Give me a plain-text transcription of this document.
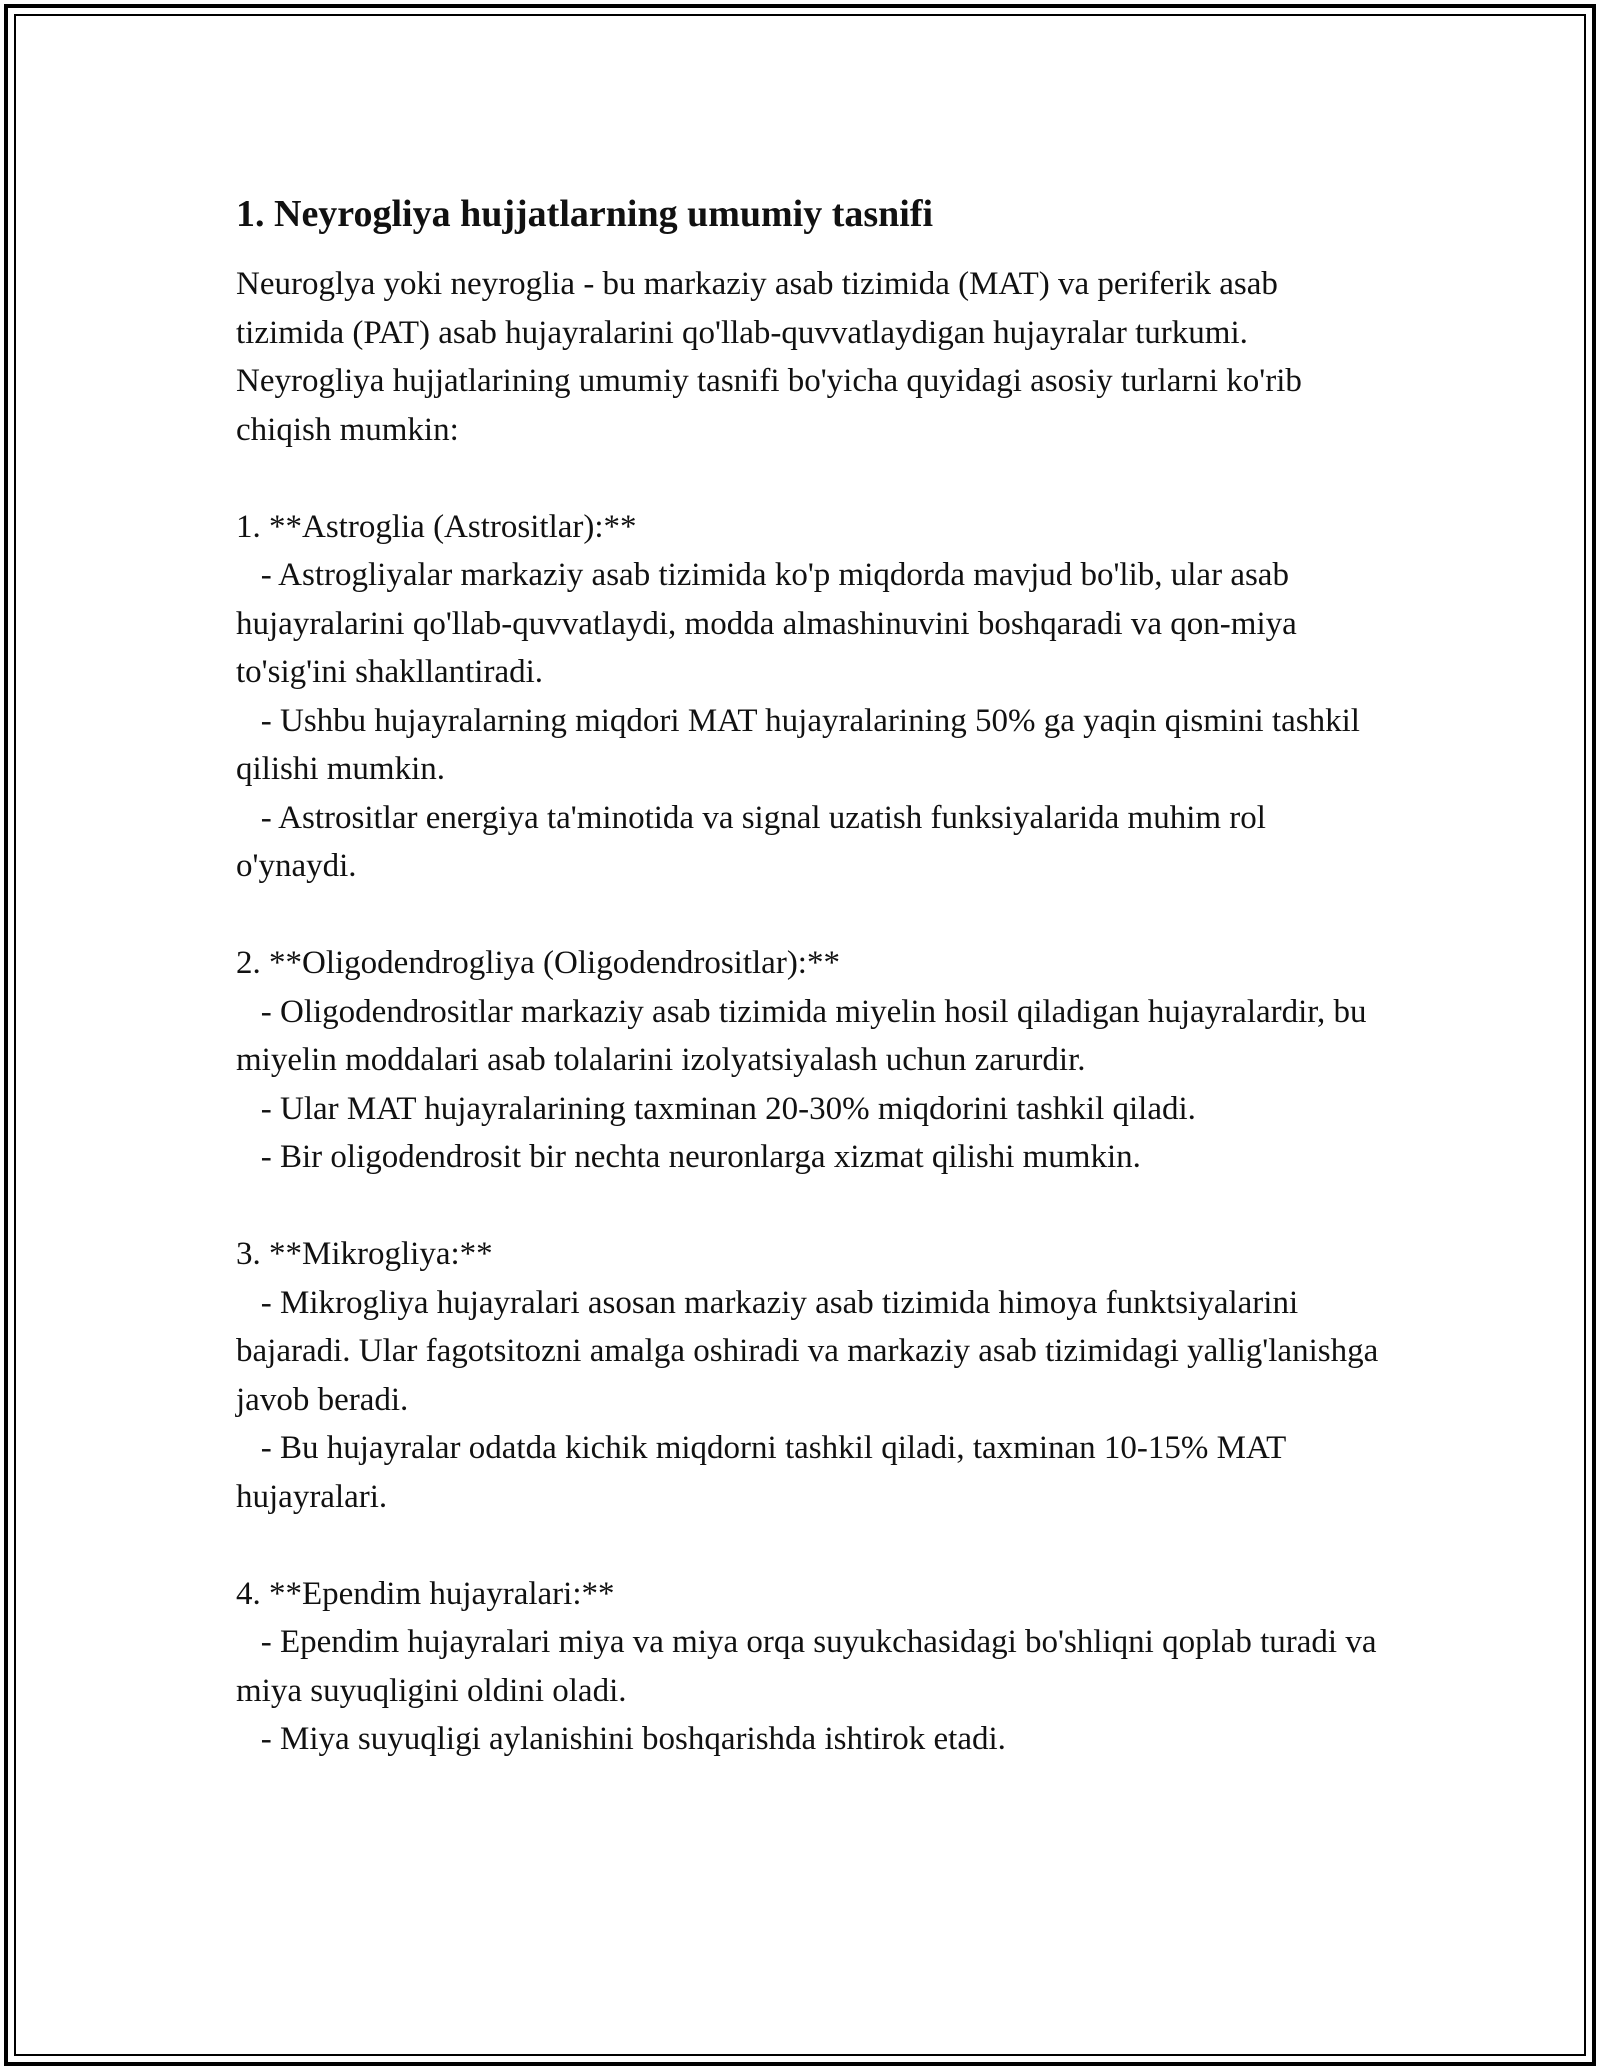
1. Neyrogliya hujjatlarning umumiy tasnifi

Neuroglya yoki neyroglia - bu markaziy asab tizimida (MAT) va periferik asab tizimida (PAT) asab hujayralarini qo'llab-quvvatlaydigan hujayralar turkumi. Neyrogliya hujjatlarining umumiy tasnifi bo'yicha quyidagi asosiy turlarni ko'rib chiqish mumkin:

1. **Astroglia (Astrositlar):**

- Astrogliyalar markaziy asab tizimida ko'p miqdorda mavjud bo'lib, ular asab hujayralarini qo'llab-quvvatlaydi, modda almashinuvini boshqaradi va qon-miya to'sig'ini shakllantiradi.

- Ushbu hujayralarning miqdori MAT hujayralarining 50% ga yaqin qismini tashkil qilishi mumkin.

- Astrositlar energiya ta'minotida va signal uzatish funksiyalarida muhim rol o'ynaydi.

2. **Oligodendrogliya (Oligodendrositlar):**

- Oligodendrositlar markaziy asab tizimida miyelin hosil qiladigan hujayralardir, bu miyelin moddalari asab tolalarini izolyatsiyalash uchun zarurdir.

- Ular MAT hujayralarining taxminan 20-30% miqdorini tashkil qiladi.

- Bir oligodendrosit bir nechta neuronlarga xizmat qilishi mumkin.

3. **Mikrogliya:**

- Mikrogliya hujayralari asosan markaziy asab tizimida himoya funktsiyalarini bajaradi. Ular fagotsitozni amalga oshiradi va markaziy asab tizimidagi yallig'lanishga javob beradi.

- Bu hujayralar odatda kichik miqdorni tashkil qiladi, taxminan 10-15% MAT hujayralari.

4. **Ependim hujayralari:**

- Ependim hujayralari miya va miya orqa suyukchasidagi bo'shliqni qoplab turadi va miya suyuqligini oldini oladi.

- Miya suyuqligi aylanishini boshqarishda ishtirok etadi.
